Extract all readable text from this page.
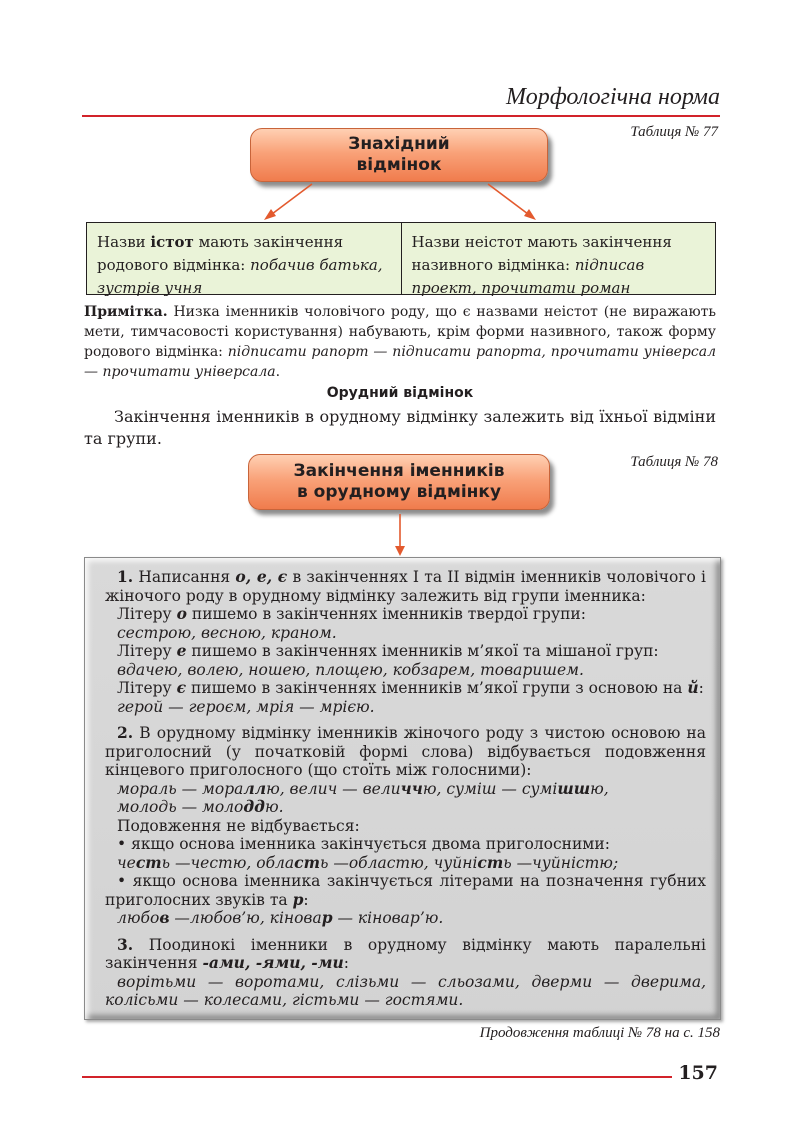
Морфологічна норма
Таблиця № 77
Знахідний
відмінок
Назви істот мають закінчення родового відмінка: побачив батька, зустрів учня
Назви неістот мають закінчення називного відмінка: підписав проект, прочитати роман
Примітка. Низка іменників чоловічого роду, що є назвами неістот (не виражають мети, тимчасовості користування) набувають, крім форми називного, також форму родового відмінка: підписати рапорт — підписати рапорта, прочитати універсал — прочитати універсала.
Орудний відмінок
Закінчення іменників в орудному відмінку залежить від їхньої відміни та групи.
Таблиця № 78
Закінчення іменників
в орудному відмінку
1. Написання о, е, є в закінченнях І та ІІ відмін іменників чоловічого і жіночого роду в орудному відмінку залежить від групи іменника:
Літеру о пишемо в закінченнях іменників твердої групи:
сестрою, весною, краном.
Літеру е пишемо в закінченнях іменників м’якої та мішаної груп:
вдачею, волею, ношею, площею, кобзарем, товаришем.
Літеру є пишемо в закінченнях іменників м’якої групи з основою на й:
герой — героєм, мрія — мрією.
2. В орудному відмінку іменників жіночого роду з чистою основою на приголосний (у початковій формі слова) відбувається подовження кінцевого приголосного (що стоїть між голосними):
мораль — мораллю, велич — величчю, суміш — сумішшю,
молодь — молоддю.
Подовження не відбувається:
• якщо основа іменника закінчується двома приголосними:
честь —честю, область —областю, чуйність —чуйністю;
• якщо основа іменника закінчується літерами на позначення губних приголосних звуків та р:
любов —любов’ю, кіновар — кіновар’ю.
3. Поодинокі іменники в орудному відмінку мають паралельні закінчення -ами, -ями, -ми:
ворітьми — воротами, слізьми — сльозами, дверми — дверима, колісьми — колесами, гістьми — гостями.
Продовження таблиці № 78 на с. 158
157
